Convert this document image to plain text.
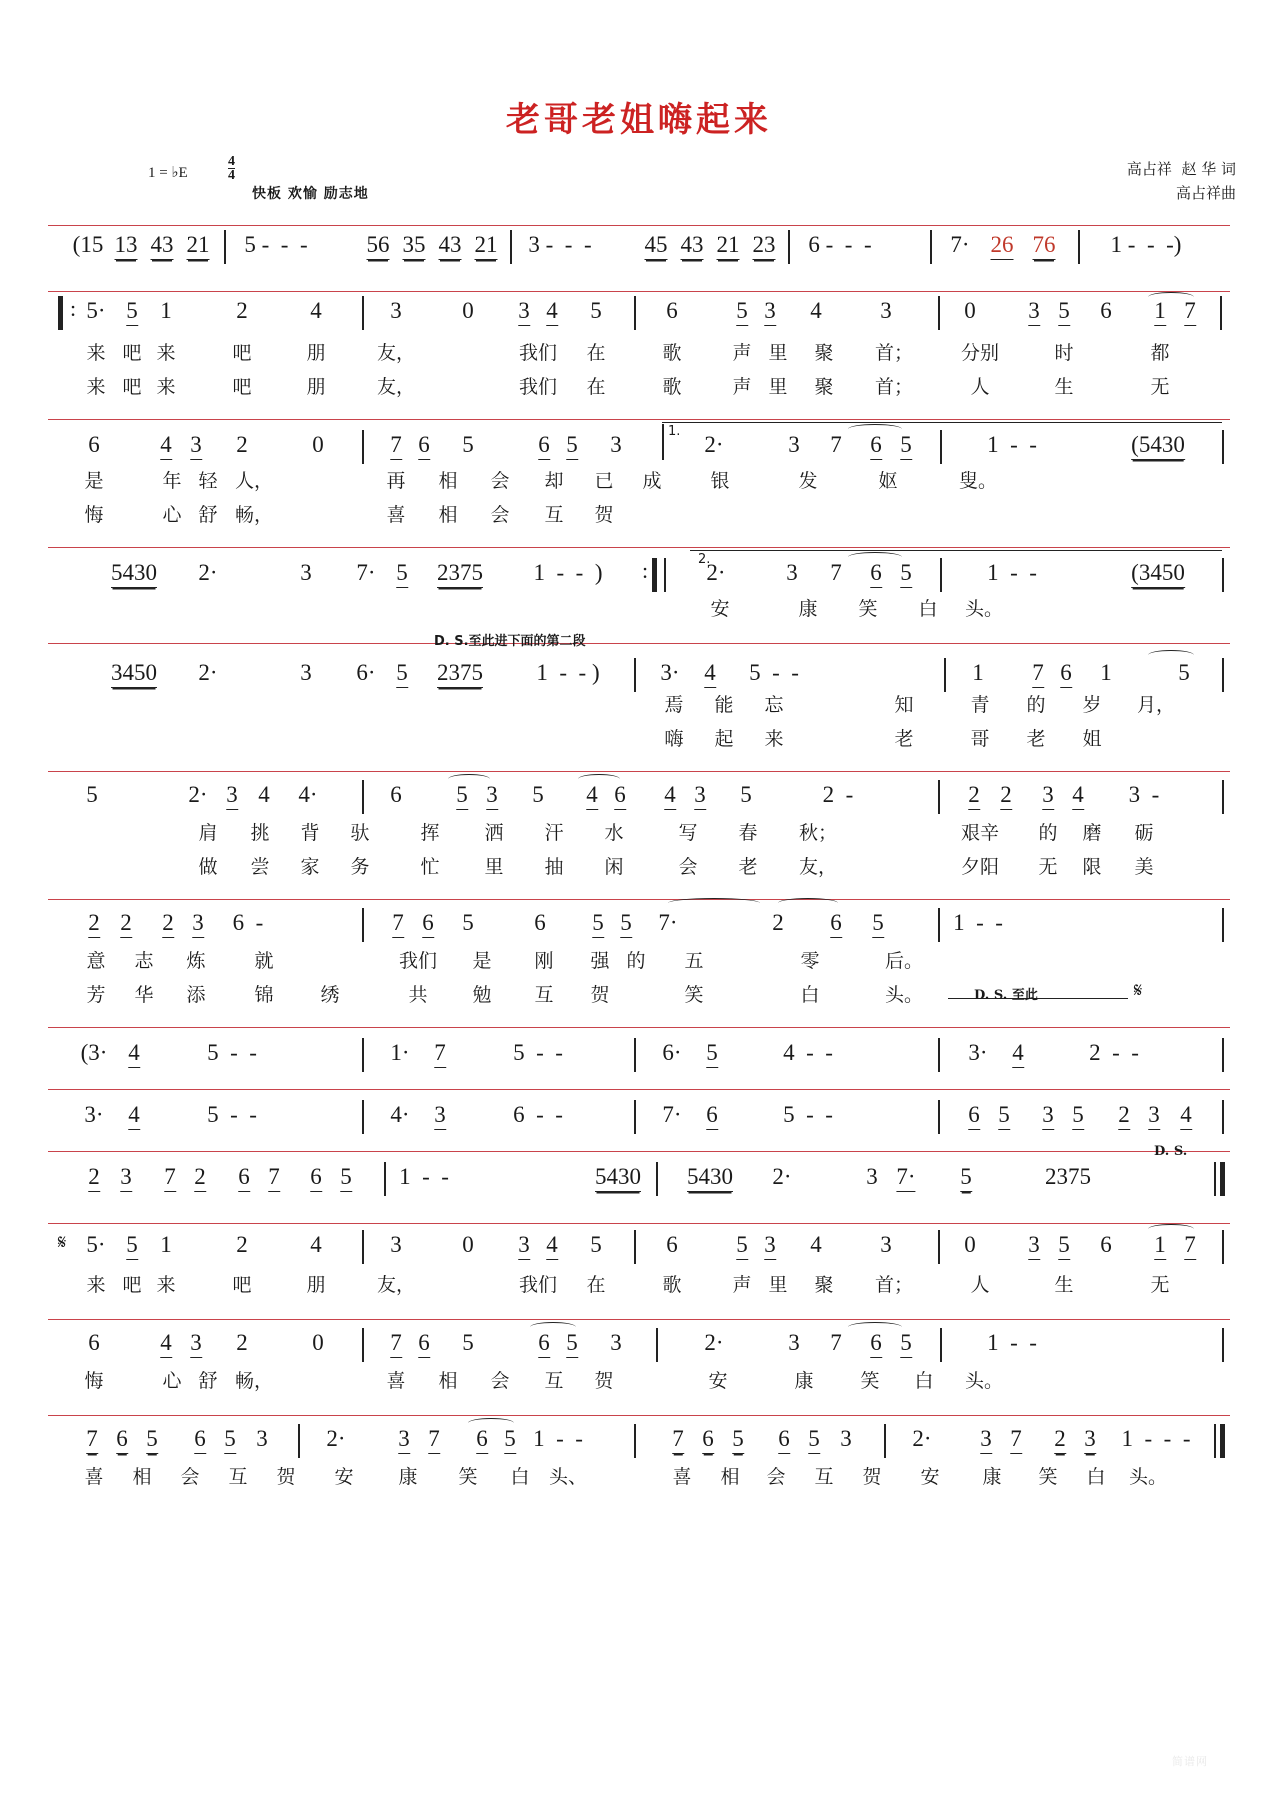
老哥老姐嗨起来
1 = ♭E
4
4
快板 欢愉 励志地
高占祥  赵 华 词
高占祥曲
(15 13 43 21 5 -  -  -	56 35 43 21 3 -  -  - 45 43 21 23 6 -  -  -	7· 26 76 1 -  -  -)
: 5· 5 1	2	4	3	0 3 4 5	6	5 3 4	3	0 3 5 6 1 7
来 吧 来	吧	朋	友，	我们 在	歌	声 里 聚 首；	分别	时	都
来 吧 来	吧	朋	友，	我们 在	歌	声 里 聚 首；	人	生	无
1.
6	4 3 2	0	7 6 5	6 5 3	2·	3 7 6 5	1  -  -	(5430
是	年 轻 人，	再 相 会 却 已 成	银	发	妪	叟。
悔	心 舒 畅，	喜 相 会 互 贺
2.
5430 2·	3 7· 5 2375 1  -  -  ) :	2·	3 7 6 5	1  -  -	(3450
安	康 笑 白 头。
D. S.至此进下面的第二段
3450 2·	3 6· 5 2375 1  -  - )	3· 4 5  -  -	1 7 6 1	5
焉 能 忘	知	青 的 岁 月，
嗨 起 来	老	哥 老 姐
5	2· 3 4 4·	6 5 3 5 4 6 4 3 5	2  -	2 2 3 4 3  -
肩 挑 背 驮	挥 洒 汗 水	写 春 秋；	艰辛 的 磨 砺
做 尝 家 务	忙 里 抽 闲	会 老 友，	夕阳 无 限 美
2 2 2 3 6  -	7 6 5	6 5 5 7·	2 6 5	1  -  -
意 志 炼	就	我们 是 刚 强 的 五	零	后。
芳 华 添	锦 绣	共 勉 互 贺	笑	白	头。	D. S. 至此	𝄋
(3· 4	5  -  -	1· 7	5  -  -	6· 5	4  -  -	3· 4	2  -  -
3· 4	5  -  -	4· 3	6  -  -	7· 6	5  -  -	6 5 3 5 2 3 4
2 3 7 2 6 7 6 5 1  -  -	5430 5430 2·	3 7· 5	2375
D. S.
𝄋 5· 5 1	2	4	3	0 3 4 5	6	5 3 4	3	0 3 5 6 1 7
来 吧 来	吧	朋	友，	我们 在	歌	声 里 聚 首；	人	生	无
6	4 3 2	0	7 6 5	6 5 3	2·	3 7 6 5	1  -  -
悔	心 舒 畅，	喜 相 会 互 贺	安	康 笑 白 头。
7 6 5 6 5 3	2· 3 7 6 5 1  -  -	7 6 5 6 5 3	2· 3 7 2 3 1  -  -  -
喜 相 会 互 贺 安 康 笑 白 头、	喜 相 会 互 贺 安 康 笑 白 头。
简谱网
